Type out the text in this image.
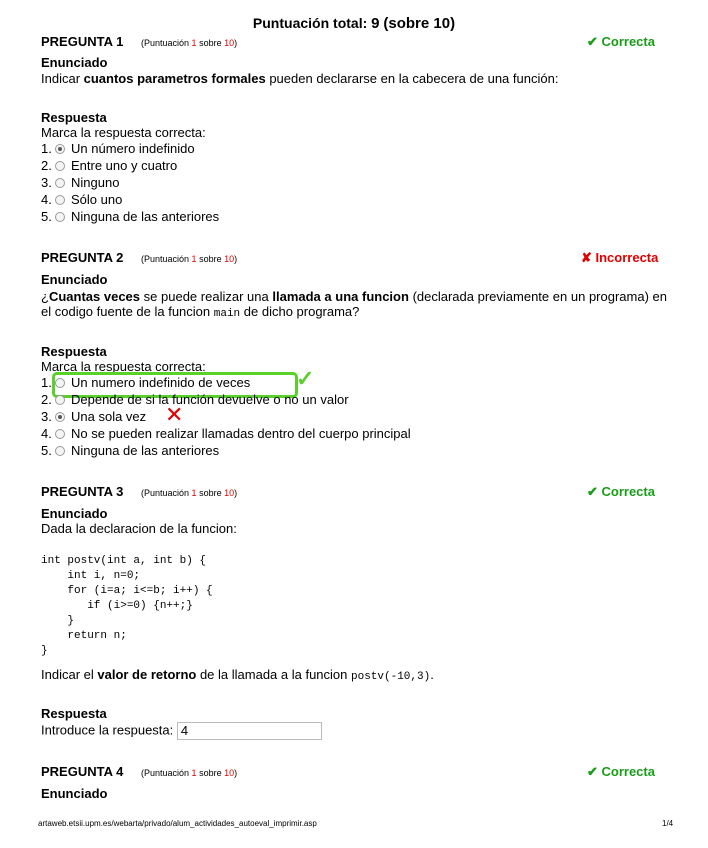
Puntuación total: 9 (sobre 10)
PREGUNTA 1 (Puntuación 1 sobre 10)	✔ Correcta
Enunciado
Indicar cuantos parametros formales pueden declararse en la cabecera de una función:
Respuesta
Marca la respuesta correcta:
1. Un número indefinido
2. Entre uno y cuatro
3. Ninguno
4. Sólo uno
5. Ninguna de las anteriores
PREGUNTA 2 (Puntuación 1 sobre 10)	✘ Incorrecta
Enunciado
¿Cuantas veces se puede realizar una llamada a una funcion (declarada previamente en un programa) en el codigo fuente de la funcion main de dicho programa?
Respuesta
Marca la respuesta correcta:
1. Un numero indefinido de veces ✓
2. Depende de si la función devuelve o no un valor
3. Una sola vez ✕
4. No se pueden realizar llamadas dentro del cuerpo principal
5. Ninguna de las anteriores
PREGUNTA 3 (Puntuación 1 sobre 10)	✔ Correcta
Enunciado
Dada la declaracion de la funcion:
int postv(int a, int b) {
int i, n=0;
for (i=a; i<=b; i++) {
if (i>=0) {n++;}
}
return n;
}
Indicar el valor de retorno de la llamada a la funcion postv(-10,3).
Respuesta
Introduce la respuesta: 4
PREGUNTA 4 (Puntuación 1 sobre 10)	✔ Correcta
Enunciado
artaweb.etsii.upm.es/webarta/privado/alum_actividades_autoeval_imprimir.asp	1/4
